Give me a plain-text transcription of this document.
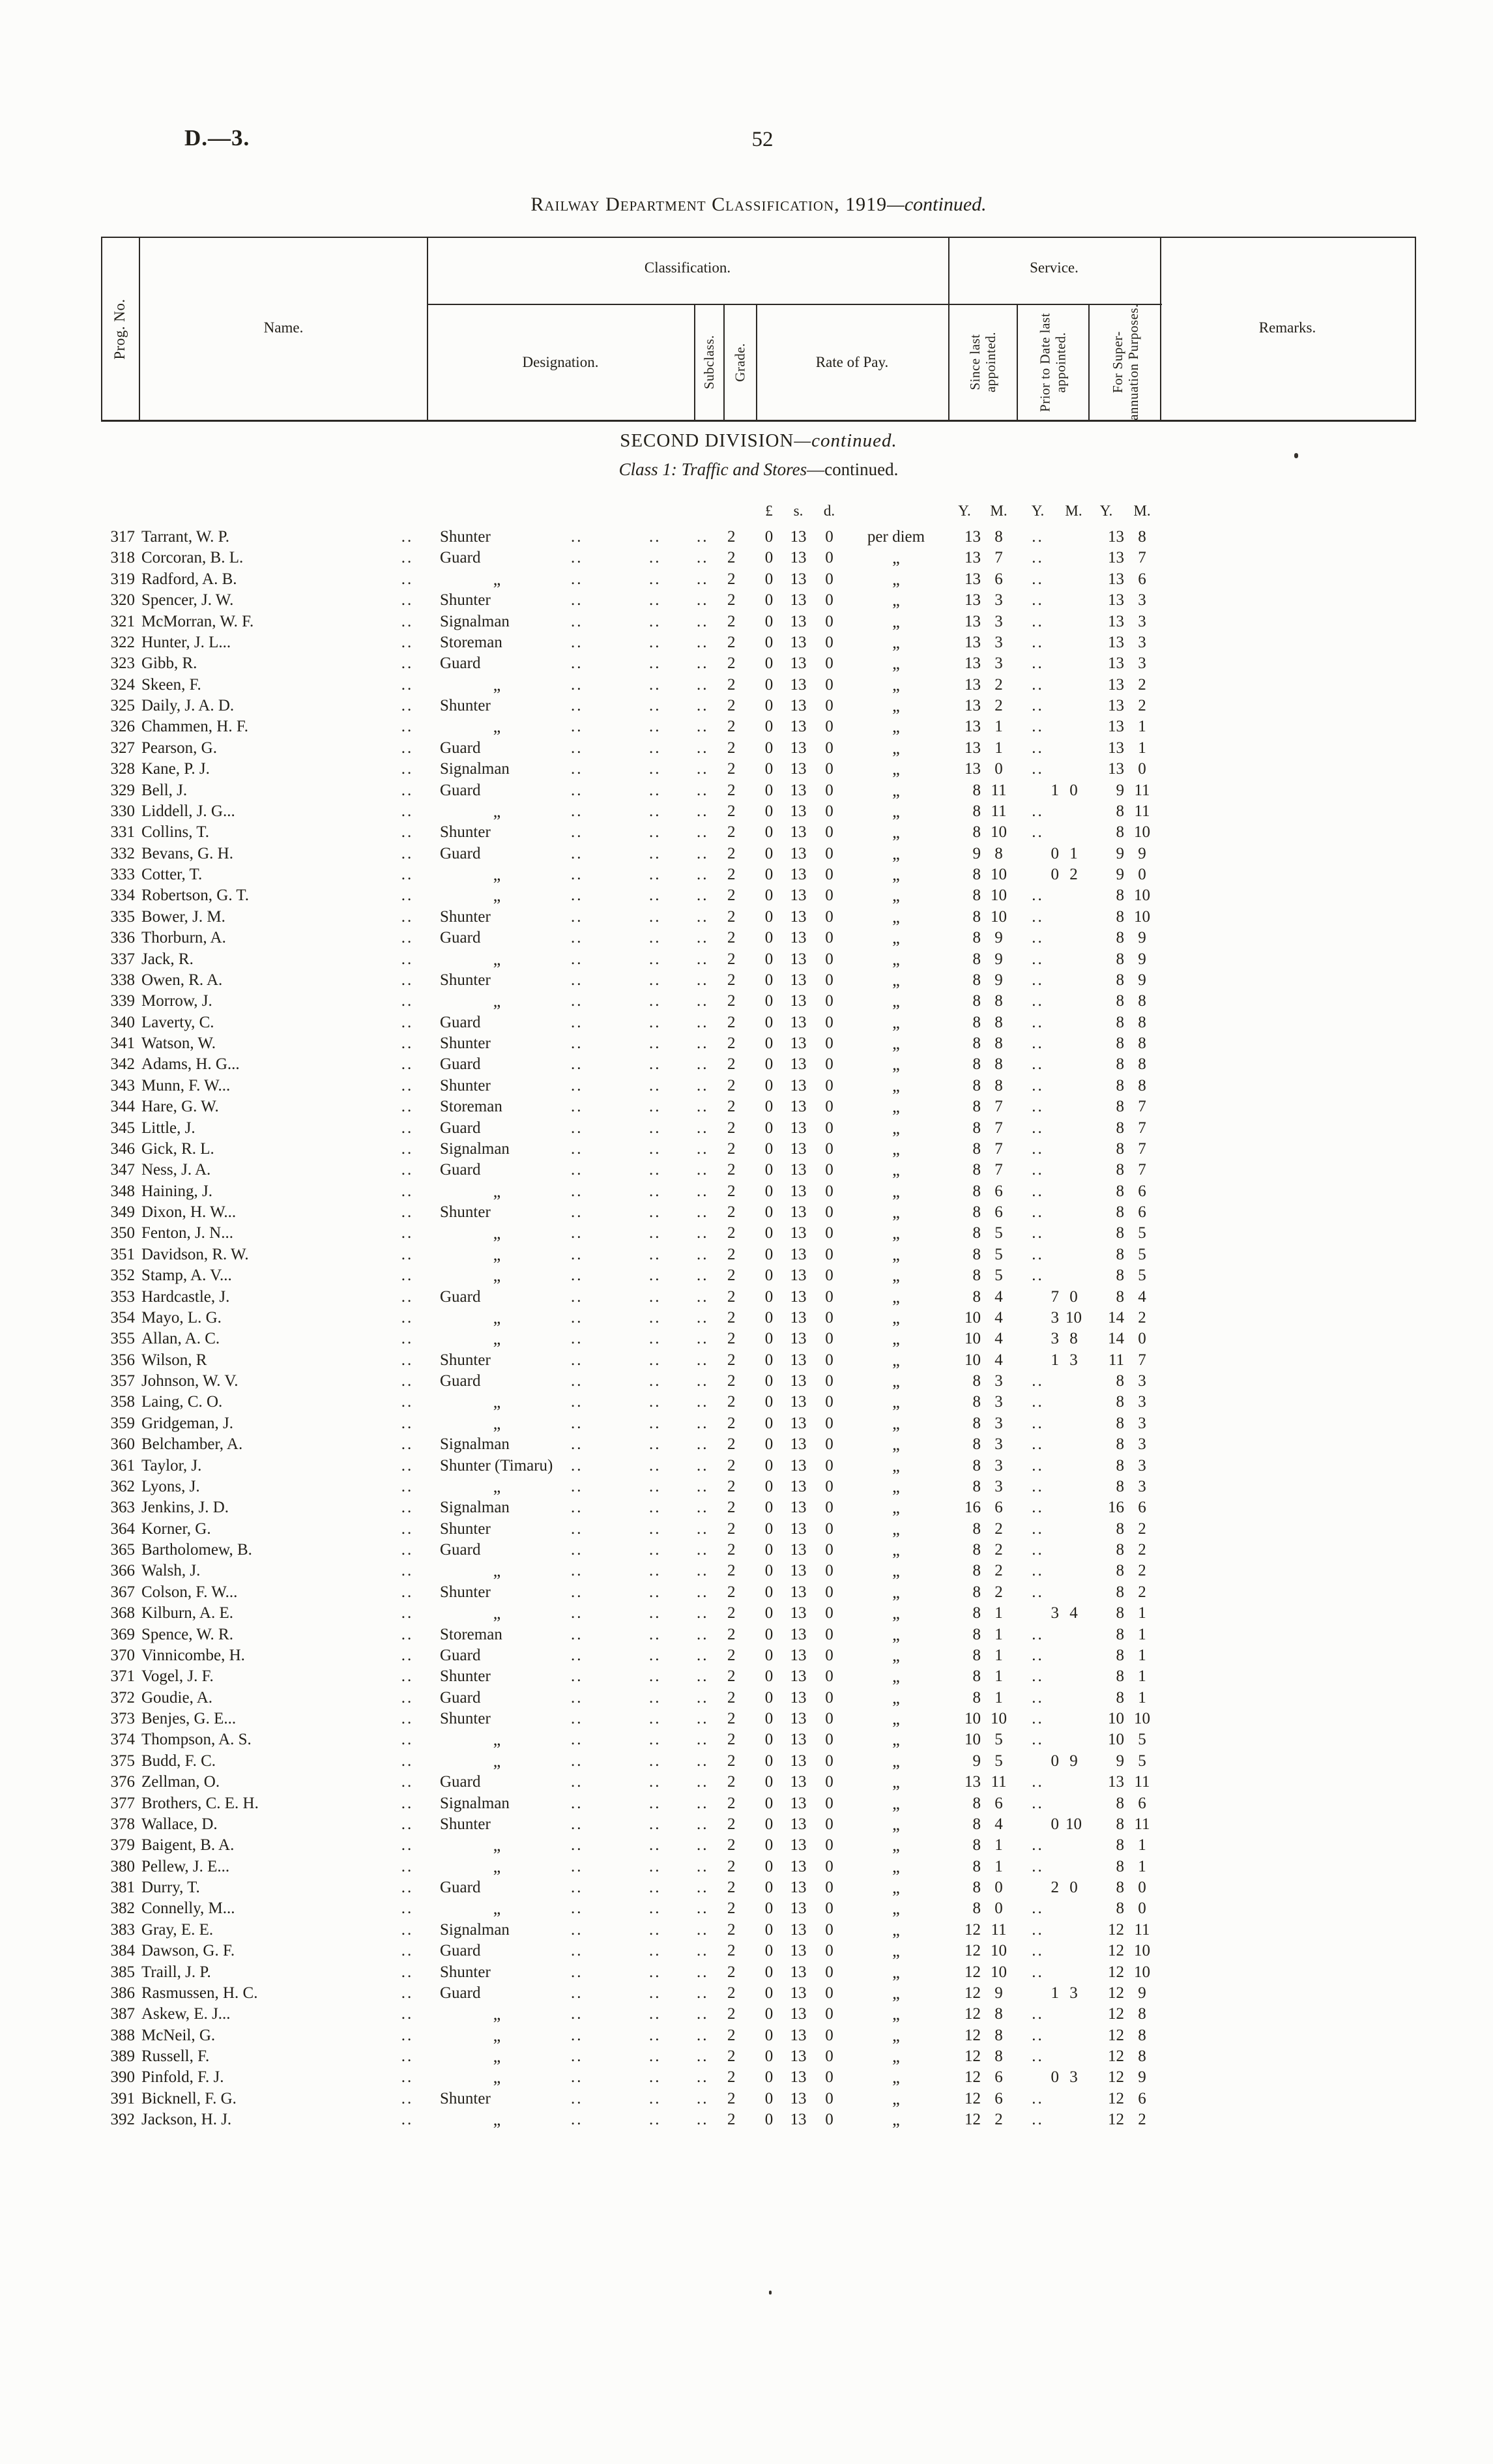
D.—3.	52
Railway Department Classification, 1919—continued.
Prog. No.	Name.
Classification.	Service.
Remarks.
Designation.	Subclass.	Grade.	Rate of Pay.	Since last appointed.	Prior to Date last appointed.	For Super-annuation Purposes.
SECOND DIVISION—continued.
Class 1: Traffic and Stores—continued.
£	s.	d.	Y.	M.	Y.	M.	Y.	M.
317 Tarrant, W. P.	..	Shunter	..	..	..	2	0	13	0	per diem	13 8	..	13 8
318 Corcoran, B. L.	..	Guard	..	..	..	2	0	13	0	„	13 7	..	13 7
319 Radford, A. B.	..	„	..	..	..	2	0	13	0	„	13 6	..	13 6
320 Spencer, J. W.	..	Shunter	..	..	..	2	0	13	0	„	13 3	..	13 3
321 McMorran, W. F.	..	Signalman	..	..	..	2	0	13	0	„	13 3	..	13 3
322 Hunter, J. L...	..	Storeman	..	..	..	2	0	13	0	„	13 3	..	13 3
323 Gibb, R.	..	Guard	..	..	..	2	0	13	0	„	13 3	..	13 3
324 Skeen, F.	..	„	..	..	..	2	0	13	0	„	13 2	..	13 2
325 Daily, J. A. D.	..	Shunter	..	..	..	2	0	13	0	„	13 2	..	13 2
326 Chammen, H. F.	..	„	..	..	..	2	0	13	0	„	13 1	..	13 1
327 Pearson, G.	..	Guard	..	..	..	2	0	13	0	„	13 1	..	13 1
328 Kane, P. J.	..	Signalman	..	..	..	2	0	13	0	„	13 0	..	13 0
329 Bell, J.	..	Guard	..	..	..	2	0	13	0	„	8 11	1 0	9 11
330 Liddell, J. G...	..	„	..	..	..	2	0	13	0	„	8 11	..	8 11
331 Collins, T.	..	Shunter	..	..	..	2	0	13	0	„	8 10	..	8 10
332 Bevans, G. H.	..	Guard	..	..	..	2	0	13	0	„	9 8	0 1	9 9
333 Cotter, T.	..	„	..	..	..	2	0	13	0	„	8 10	0 2	9 0
334 Robertson, G. T.	..	„	..	..	..	2	0	13	0	„	8 10	..	8 10
335 Bower, J. M.	..	Shunter	..	..	..	2	0	13	0	„	8 10	..	8 10
336 Thorburn, A.	..	Guard	..	..	..	2	0	13	0	„	8 9	..	8 9
337 Jack, R.	..	„	..	..	..	2	0	13	0	„	8 9	..	8 9
338 Owen, R. A.	..	Shunter	..	..	..	2	0	13	0	„	8 9	..	8 9
339 Morrow, J.	..	„	..	..	..	2	0	13	0	„	8 8	..	8 8
340 Laverty, C.	..	Guard	..	..	..	2	0	13	0	„	8 8	..	8 8
341 Watson, W.	..	Shunter	..	..	..	2	0	13	0	„	8 8	..	8 8
342 Adams, H. G...	..	Guard	..	..	..	2	0	13	0	„	8 8	..	8 8
343 Munn, F. W...	..	Shunter	..	..	..	2	0	13	0	„	8 8	..	8 8
344 Hare, G. W.	..	Storeman	..	..	..	2	0	13	0	„	8 7	..	8 7
345 Little, J.	..	Guard	..	..	..	2	0	13	0	„	8 7	..	8 7
346 Gick, R. L.	..	Signalman	..	..	..	2	0	13	0	„	8 7	..	8 7
347 Ness, J. A.	..	Guard	..	..	..	2	0	13	0	„	8 7	..	8 7
348 Haining, J.	..	„	..	..	..	2	0	13	0	„	8 6	..	8 6
349 Dixon, H. W...	..	Shunter	..	..	..	2	0	13	0	„	8 6	..	8 6
350 Fenton, J. N...	..	„	..	..	..	2	0	13	0	„	8 5	..	8 5
351 Davidson, R. W.	..	„	..	..	..	2	0	13	0	„	8 5	..	8 5
352 Stamp, A. V...	..	„	..	..	..	2	0	13	0	„	8 5	..	8 5
353 Hardcastle, J.	..	Guard	..	..	..	2	0	13	0	„	8 4	7 0	8 4
354 Mayo, L. G.	..	„	..	..	..	2	0	13	0	„	10 4	3 10	14 2
355 Allan, A. C.	..	„	..	..	..	2	0	13	0	„	10 4	3 8	14 0
356 Wilson, R	..	Shunter	..	..	..	2	0	13	0	„	10 4	1 3	11 7
357 Johnson, W. V.	..	Guard	..	..	..	2	0	13	0	„	8 3	..	8 3
358 Laing, C. O.	..	„	..	..	..	2	0	13	0	„	8 3	..	8 3
359 Gridgeman, J.	..	„	..	..	..	2	0	13	0	„	8 3	..	8 3
360 Belchamber, A.	..	Signalman	..	..	..	2	0	13	0	„	8 3	..	8 3
361 Taylor, J.	..	Shunter (Timaru)	..	..	..	2	0	13	0	„	8 3	..	8 3
362 Lyons, J.	..	„	..	..	..	2	0	13	0	„	8 3	..	8 3
363 Jenkins, J. D.	..	Signalman	..	..	..	2	0	13	0	„	16 6	..	16 6
364 Korner, G.	..	Shunter	..	..	..	2	0	13	0	„	8 2	..	8 2
365 Bartholomew, B.	..	Guard	..	..	..	2	0	13	0	„	8 2	..	8 2
366 Walsh, J.	..	„	..	..	..	2	0	13	0	„	8 2	..	8 2
367 Colson, F. W...	..	Shunter	..	..	..	2	0	13	0	„	8 2	..	8 2
368 Kilburn, A. E.	..	„	..	..	..	2	0	13	0	„	8 1	3 4	8 1
369 Spence, W. R.	..	Storeman	..	..	..	2	0	13	0	„	8 1	..	8 1
370 Vinnicombe, H.	..	Guard	..	..	..	2	0	13	0	„	8 1	..	8 1
371 Vogel, J. F.	..	Shunter	..	..	..	2	0	13	0	„	8 1	..	8 1
372 Goudie, A.	..	Guard	..	..	..	2	0	13	0	„	8 1	..	8 1
373 Benjes, G. E...	..	Shunter	..	..	..	2	0	13	0	„	10 10	..	10 10
374 Thompson, A. S.	..	„	..	..	..	2	0	13	0	„	10 5	..	10 5
375 Budd, F. C.	..	„	..	..	..	2	0	13	0	„	9 5	0 9	9 5
376 Zellman, O.	..	Guard	..	..	..	2	0	13	0	„	13 11	..	13 11
377 Brothers, C. E. H.	..	Signalman	..	..	..	2	0	13	0	„	8 6	..	8 6
378 Wallace, D.	..	Shunter	..	..	..	2	0	13	0	„	8 4	0 10	8 11
379 Baigent, B. A.	..	„	..	..	..	2	0	13	0	„	8 1	..	8 1
380 Pellew, J. E...	..	„	..	..	..	2	0	13	0	„	8 1	..	8 1
381 Durry, T.	..	Guard	..	..	..	2	0	13	0	„	8 0	2 0	8 0
382 Connelly, M...	..	„	..	..	..	2	0	13	0	„	8 0	..	8 0
383 Gray, E. E.	..	Signalman	..	..	..	2	0	13	0	„	12 11	..	12 11
384 Dawson, G. F.	..	Guard	..	..	..	2	0	13	0	„	12 10	..	12 10
385 Traill, J. P.	..	Shunter	..	..	..	2	0	13	0	„	12 10	..	12 10
386 Rasmussen, H. C.	..	Guard	..	..	..	2	0	13	0	„	12 9	1 3	12 9
387 Askew, E. J...	..	„	..	..	..	2	0	13	0	„	12 8	..	12 8
388 McNeil, G.	..	„	..	..	..	2	0	13	0	„	12 8	..	12 8
389 Russell, F.	..	„	..	..	..	2	0	13	0	„	12 8	..	12 8
390 Pinfold, F. J.	..	„	..	..	..	2	0	13	0	„	12 6	0 3	12 9
391 Bicknell, F. G.	..	Shunter	..	..	..	2	0	13	0	„	12 6	..	12 6
392 Jackson, H. J.	..	„	..	..	..	2	0	13	0	„	12 2	..	12 2
